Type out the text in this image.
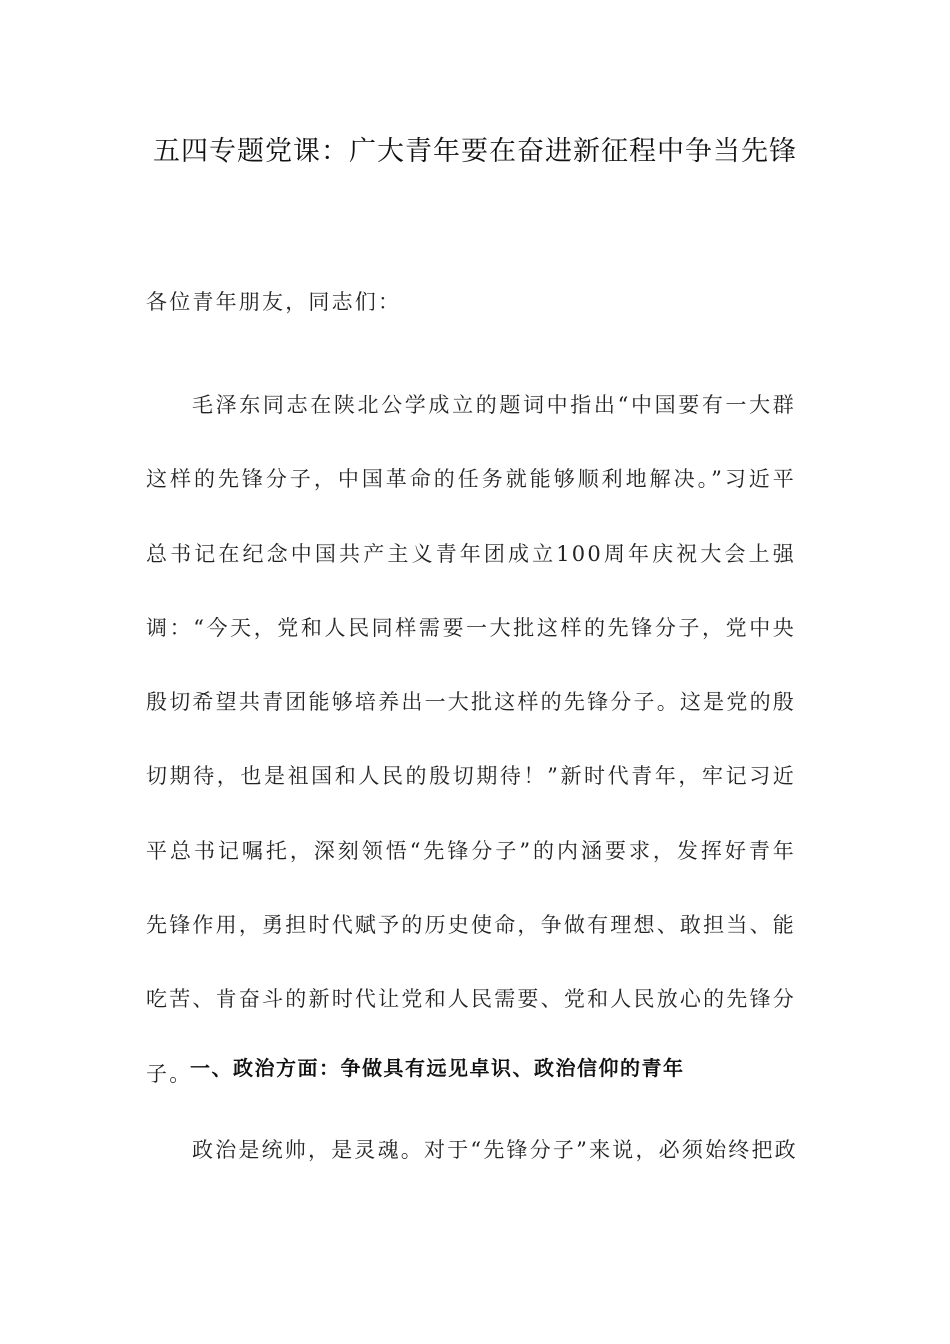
五四专题党课：广大青年要在奋进新征程中争当先锋

各位青年朋友，同志们：

毛泽东同志在陕北公学成立的题词中指出“中国要有一大群这样的先锋分子，中国革命的任务就能够顺利地解决。”习近平总书记在纪念中国共产主义青年团成立100周年庆祝大会上强调：“今天，党和人民同样需要一大批这样的先锋分子，党中央殷切希望共青团能够培养出一大批这样的先锋分子。这是党的殷切期待，也是祖国和人民的殷切期待！”新时代青年，牢记习近平总书记嘱托，深刻领悟“先锋分子”的内涵要求，发挥好青年先锋作用，勇担时代赋予的历史使命，争做有理想、敢担当、能吃苦、肯奋斗的新时代让党和人民需要、党和人民放心的先锋分子。

一、政治方面：争做具有远见卓识、政治信仰的青年

政治是统帅，是灵魂。对于“先锋分子”来说，必须始终把政
